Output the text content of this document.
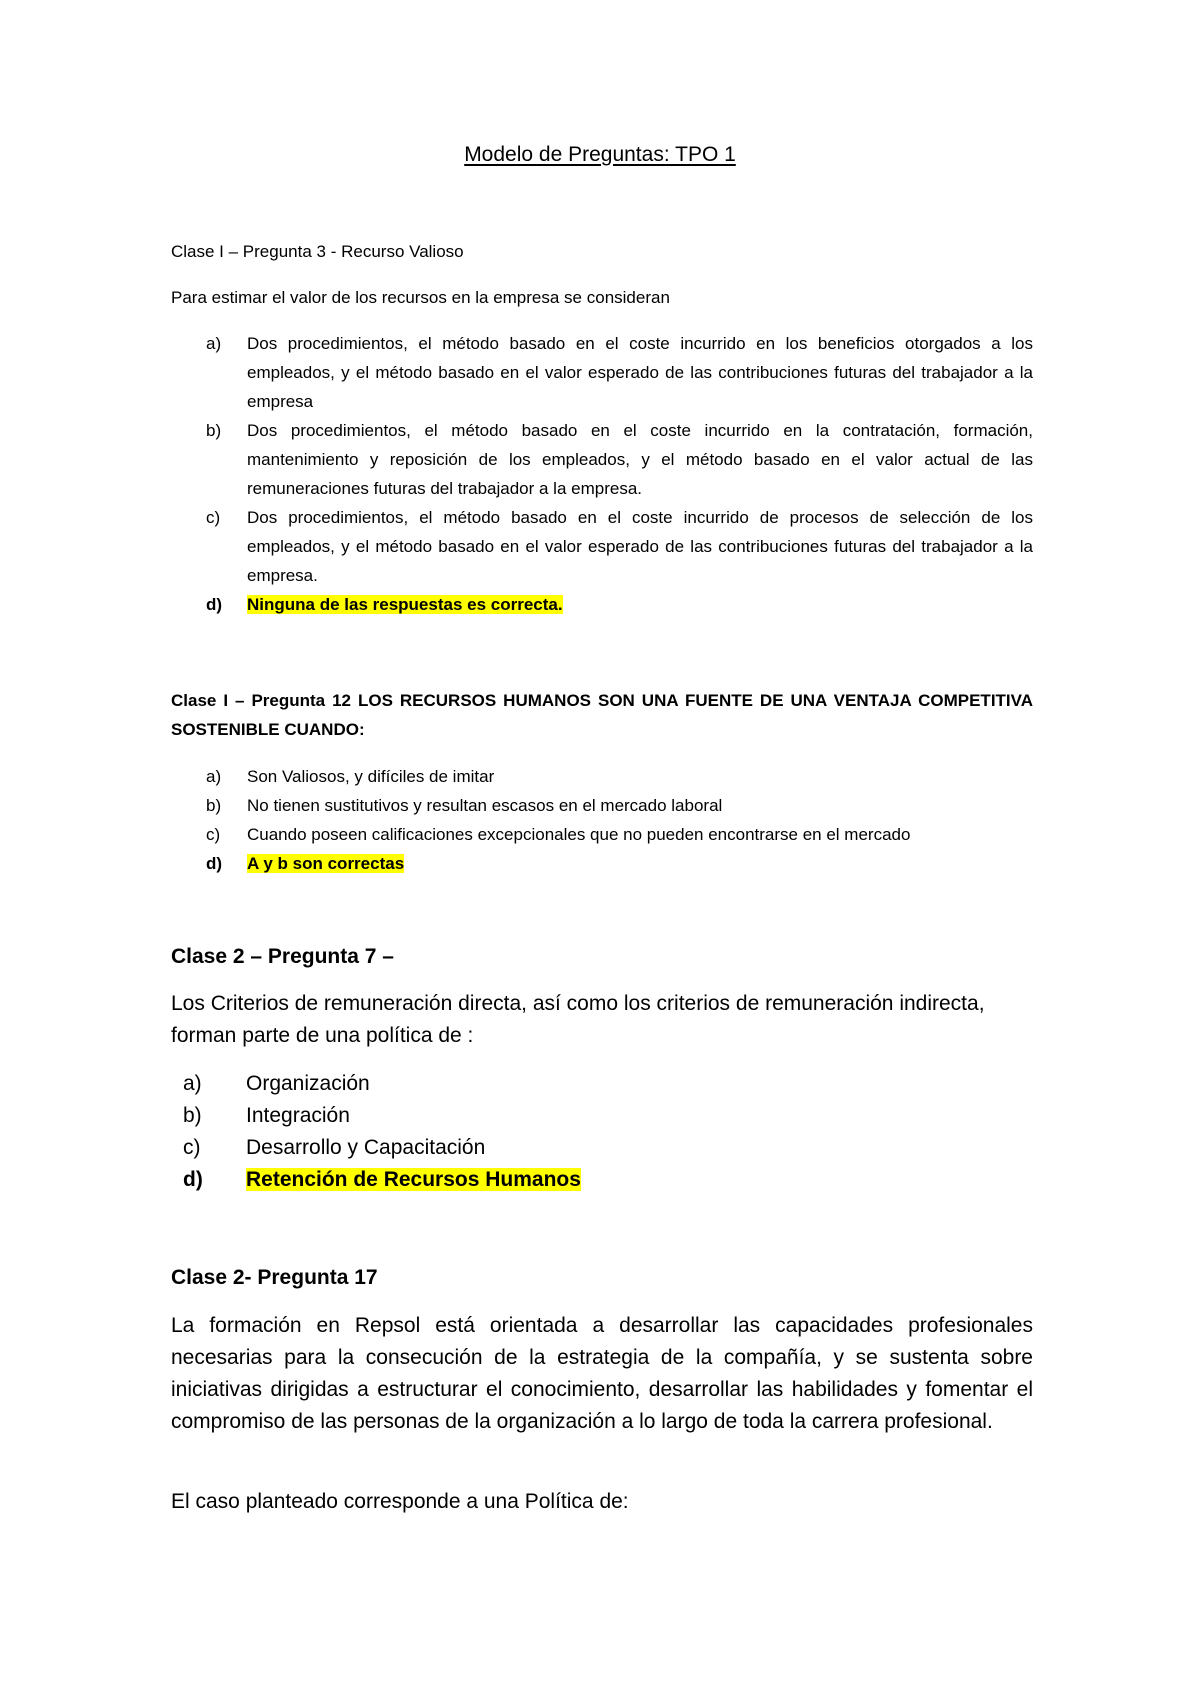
Modelo de Preguntas: TPO 1

Clase I – Pregunta 3 - Recurso Valioso

Para estimar el valor de los recursos en la empresa se consideran

a) Dos procedimientos, el método basado en el coste incurrido en los beneficios otorgados a los empleados, y el método basado en el valor esperado de las contribuciones futuras del trabajador a la empresa
b) Dos procedimientos, el método basado en el coste incurrido en la contratación, formación, mantenimiento y reposición de los empleados, y el método basado en el valor actual de las remuneraciones futuras del trabajador a la empresa.
c) Dos procedimientos, el método basado en el coste incurrido de procesos de selección de los empleados, y el método basado en el valor esperado de las contribuciones futuras del trabajador a la empresa.
d) Ninguna de las respuestas es correcta.

Clase I – Pregunta 12 LOS RECURSOS HUMANOS SON UNA FUENTE DE UNA VENTAJA COMPETITIVA SOSTENIBLE CUANDO:

a) Son Valiosos, y difíciles de imitar
b) No tienen sustitutivos y resultan escasos en el mercado laboral
c) Cuando poseen calificaciones excepcionales que no pueden encontrarse en el mercado
d) A y b son correctas

Clase 2 – Pregunta 7 –

Los Criterios de remuneración directa, así como los criterios de remuneración indirecta, forman parte de una política de :

a) Organización
b) Integración
c) Desarrollo y Capacitación
d) Retención de Recursos Humanos

Clase 2- Pregunta 17

La formación en Repsol está orientada a desarrollar las capacidades profesionales necesarias para la consecución de la estrategia de la compañía, y se sustenta sobre iniciativas dirigidas a estructurar el conocimiento, desarrollar las habilidades y fomentar el compromiso de las personas de la organización a lo largo de toda la carrera profesional.

El caso planteado corresponde a una Política de:
